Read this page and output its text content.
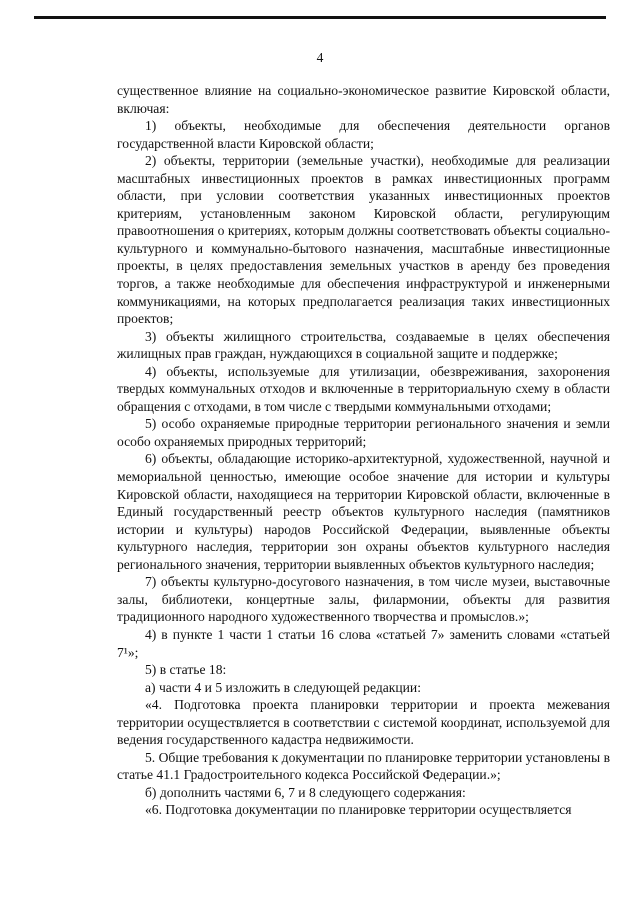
4

существенное влияние на социально-экономическое развитие Кировской области, включая:

1) объекты, необходимые для обеспечения деятельности органов государственной власти Кировской области;

2) объекты, территории (земельные участки), необходимые для реализации масштабных инвестиционных проектов в рамках инвестиционных программ области, при условии соответствия указанных инвестиционных проектов критериям, установленным законом Кировской области, регулирующим правоотношения о критериях, которым должны соответствовать объекты социально-культурного и коммунально-бытового назначения, масштабные инвестиционные проекты, в целях предоставления земельных участков в аренду без проведения торгов, а также необходимые для обеспечения инфраструктурой и инженерными коммуникациями, на которых предполагается реализация таких инвестиционных проектов;

3) объекты жилищного строительства, создаваемые в целях обеспечения жилищных прав граждан, нуждающихся в социальной защите и поддержке;

4) объекты, используемые для утилизации, обезвреживания, захоронения твердых коммунальных отходов и включенные в территориальную схему в области обращения с отходами, в том числе с твердыми коммунальными отходами;

5) особо охраняемые природные территории регионального значения и земли особо охраняемых природных территорий;

6) объекты, обладающие историко-архитектурной, художественной, научной и мемориальной ценностью, имеющие особое значение для истории и культуры Кировской области, находящиеся на территории Кировской области, включенные в Единый государственный реестр объектов культурного наследия (памятников истории и культуры) народов Российской Федерации, выявленные объекты культурного наследия, территории зон охраны объектов культурного наследия регионального значения, территории выявленных объектов культурного наследия;

7) объекты культурно-досугового назначения, в том числе музеи, выставочные залы, библиотеки, концертные залы, филармонии, объекты для развития традиционного народного художественного творчества и промыслов.»;

4) в пункте 1 части 1 статьи 16 слова «статьей 7» заменить словами «статьей 7¹»;

5) в статье 18:

а) части 4 и 5 изложить в следующей редакции:

«4. Подготовка проекта планировки территории и проекта межевания территории осуществляется в соответствии с системой координат, используемой для ведения государственного кадастра недвижимости.

5. Общие требования к документации по планировке территории установлены в статье 41.1 Градостроительного кодекса Российской Федерации.»;

б) дополнить частями 6, 7 и 8 следующего содержания:

«6. Подготовка документации по планировке территории осуществляется
